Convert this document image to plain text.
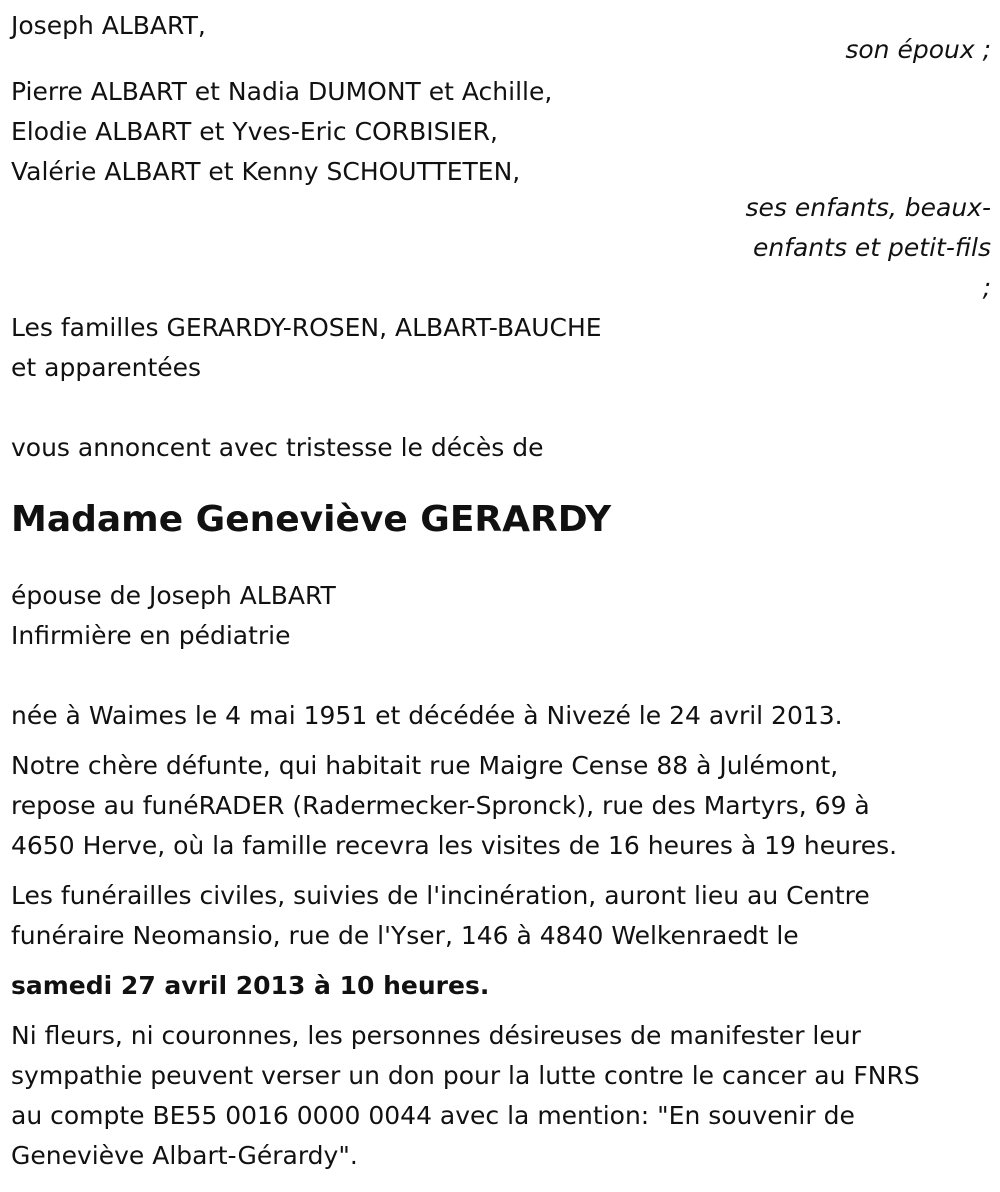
Joseph ALBART,
son époux ;
Pierre ALBART et Nadia DUMONT et Achille,
Elodie ALBART et Yves-Eric CORBISIER,
Valérie ALBART et Kenny SCHOUTTETEN,
ses enfants, beaux-
enfants et petit-fils
;
Les familles GERARDY-ROSEN, ALBART-BAUCHE
et apparentées
vous annoncent avec tristesse le décès de
Madame Geneviève GERARDY
épouse de Joseph ALBART
Infirmière en pédiatrie
née à Waimes le 4 mai 1951 et décédée à Nivezé le 24 avril 2013.
Notre chère défunte, qui habitait rue Maigre Cense 88 à Julémont,
repose au funéRADER (Radermecker-Spronck), rue des Martyrs, 69 à
4650 Herve, où la famille recevra les visites de 16 heures à 19 heures.
Les funérailles civiles, suivies de l'incinération, auront lieu au Centre
funéraire Neomansio, rue de l'Yser, 146 à 4840 Welkenraedt le
samedi 27 avril 2013 à 10 heures.
Ni fleurs, ni couronnes, les personnes désireuses de manifester leur
sympathie peuvent verser un don pour la lutte contre le cancer au FNRS
au compte BE55 0016 0000 0044 avec la mention: "En souvenir de
Geneviève Albart-Gérardy".
